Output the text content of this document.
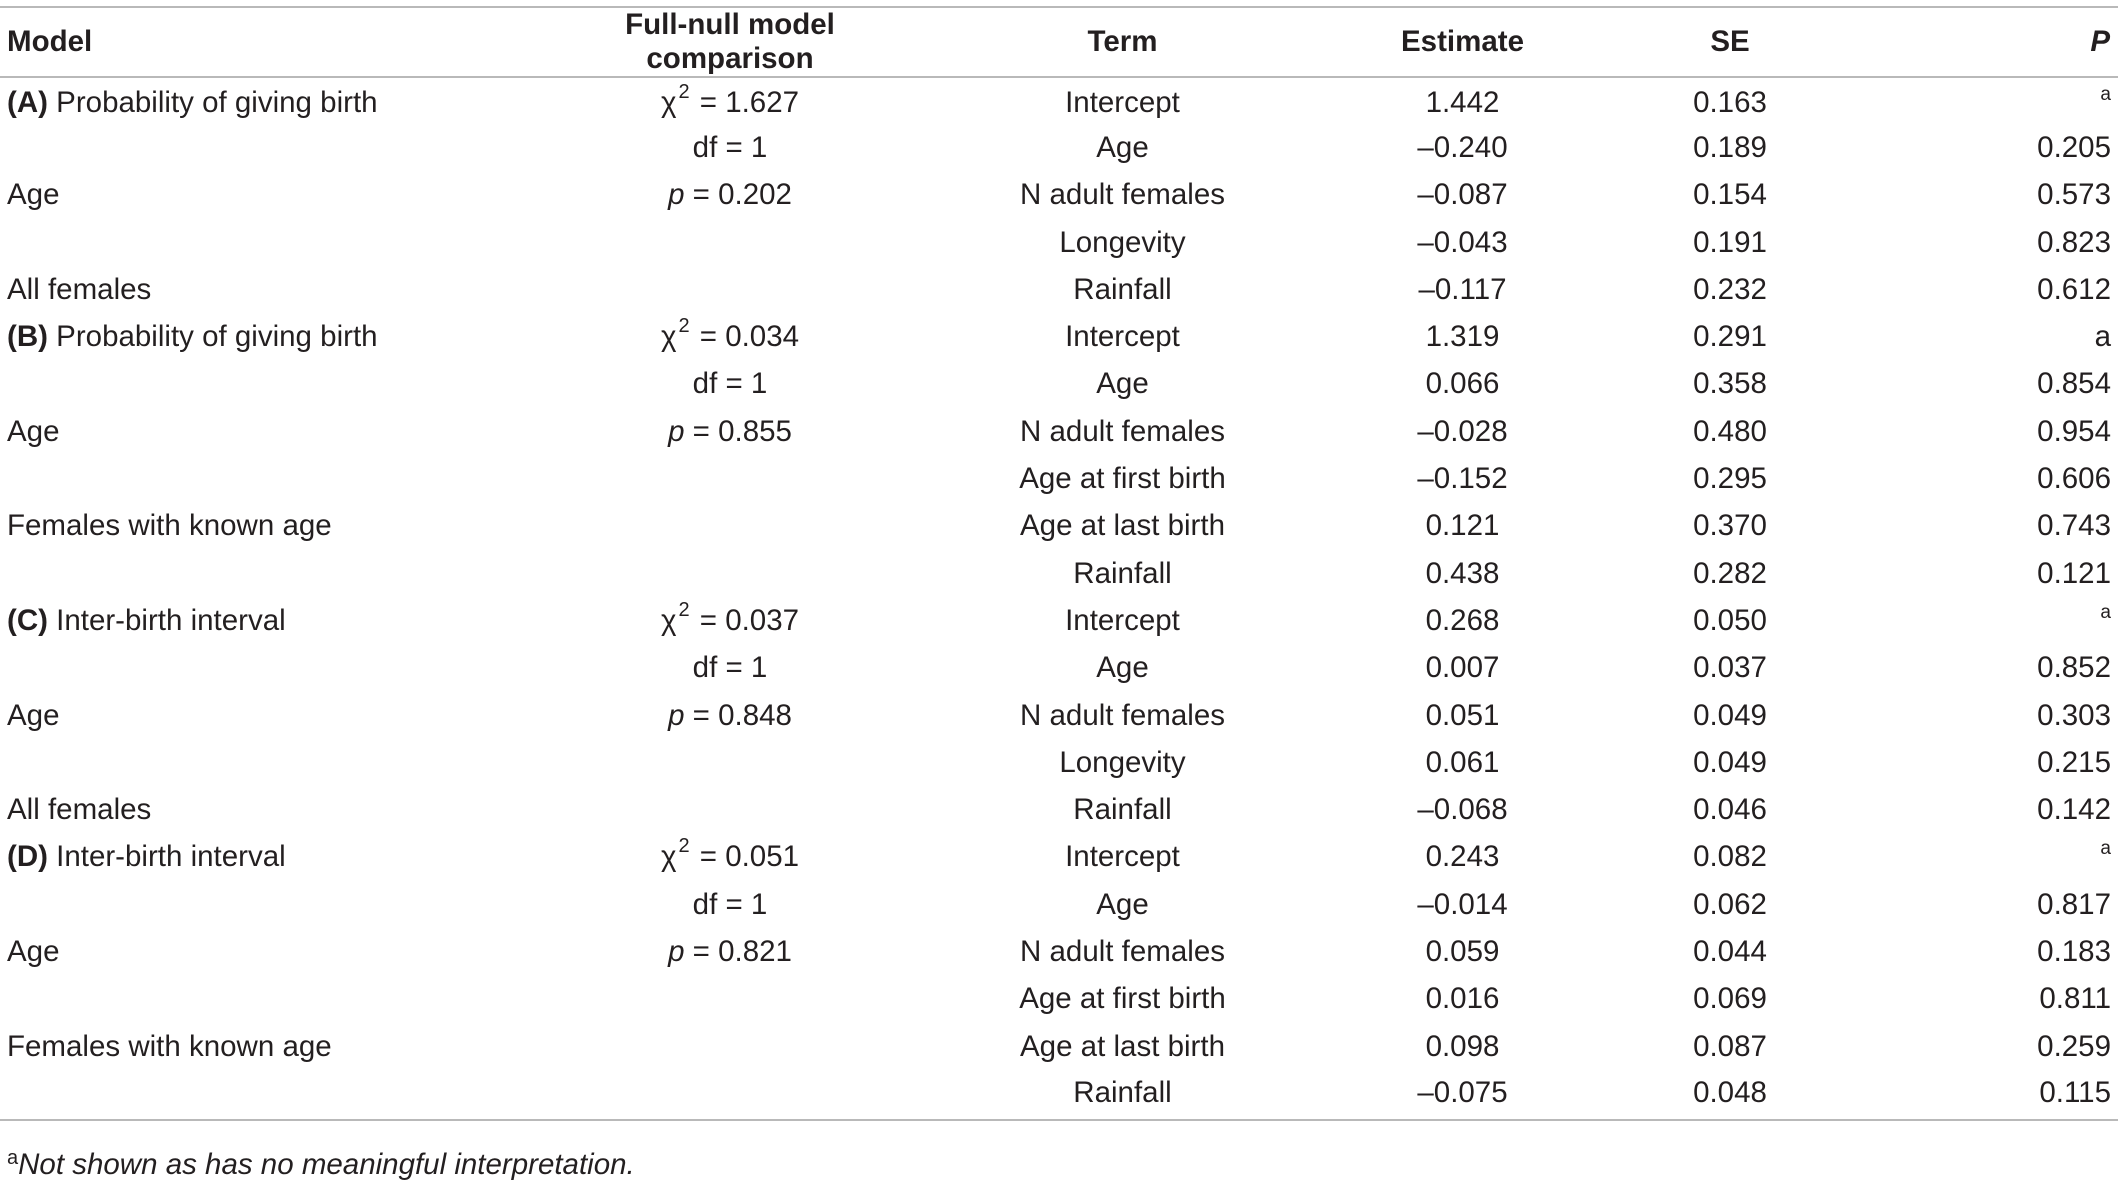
Model	Full-null model comparison	Term	Estimate	SE	P
(A) Probability of giving birth	χ $^2$ = 1.627	Intercept	1.442	0.163	$^a$
	df = 1	Age	–0.240	0.189	0.205
Age	p = 0.202	N adult females	–0.087	0.154	0.573
		Longevity	–0.043	0.191	0.823
All females		Rainfall	–0.117	0.232	0.612
(B) Probability of giving birth	χ $^2$ = 0.034	Intercept	1.319	0.291	a
	df = 1	Age	0.066	0.358	0.854
Age	p = 0.855	N adult females	–0.028	0.480	0.954
		Age at first birth	–0.152	0.295	0.606
Females with known age		Age at last birth	0.121	0.370	0.743
		Rainfall	0.438	0.282	0.121
(C) Inter-birth interval	χ $^2$ = 0.037	Intercept	0.268	0.050	$^a$
	df = 1	Age	0.007	0.037	0.852
Age	p = 0.848	N adult females	0.051	0.049	0.303
		Longevity	0.061	0.049	0.215
All females		Rainfall	–0.068	0.046	0.142
(D) Inter-birth interval	χ $^2$ = 0.051	Intercept	0.243	0.082	$^a$
	df = 1	Age	–0.014	0.062	0.817
Age	p = 0.821	N adult females	0.059	0.044	0.183
		Age at first birth	0.016	0.069	0.811
Females with known age		Age at last birth	0.098	0.087	0.259
		Rainfall	–0.075	0.048	0.115
$^a$Not shown as has no meaningful interpretation.
